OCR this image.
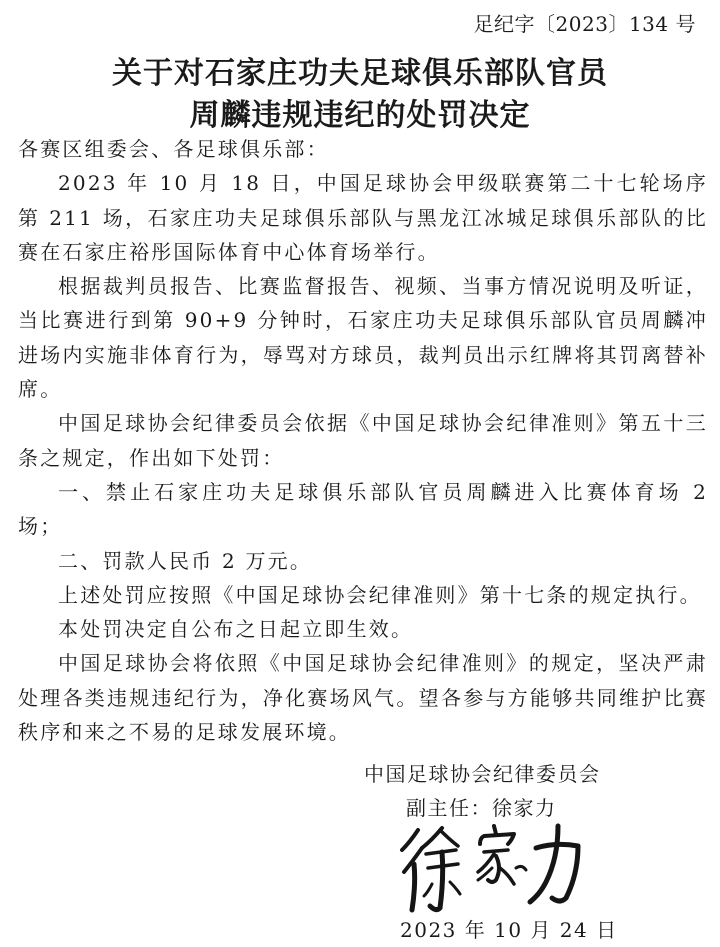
足纪字〔2023〕134 号
关于对石家庄功夫足球俱乐部队官员
周麟违规违纪的处罚决定

各赛区组委会、各足球俱乐部：

2023 年 10 月 18 日，中国足球协会甲级联赛第二十七轮场序第 211 场，石家庄功夫足球俱乐部队与黑龙江冰城足球俱乐部队的比赛在石家庄裕彤国际体育中心体育场举行。

根据裁判员报告、比赛监督报告、视频、当事方情况说明及听证，当比赛进行到第 90+9 分钟时，石家庄功夫足球俱乐部队官员周麟冲进场内实施非体育行为，辱骂对方球员，裁判员出示红牌将其罚离替补席。

中国足球协会纪律委员会依据《中国足球协会纪律准则》第五十三条之规定，作出如下处罚：

一、禁止石家庄功夫足球俱乐部队官员周麟进入比赛体育场 2 场；

二、罚款人民币 2 万元。

上述处罚应按照《中国足球协会纪律准则》第十七条的规定执行。

本处罚决定自公布之日起立即生效。

中国足球协会将依照《中国足球协会纪律准则》的规定，坚决严肃处理各类违规违纪行为，净化赛场风气。望各参与方能够共同维护比赛秩序和来之不易的足球发展环境。

中国足球协会纪律委员会
副主任：徐家力
2023 年 10 月 24 日
